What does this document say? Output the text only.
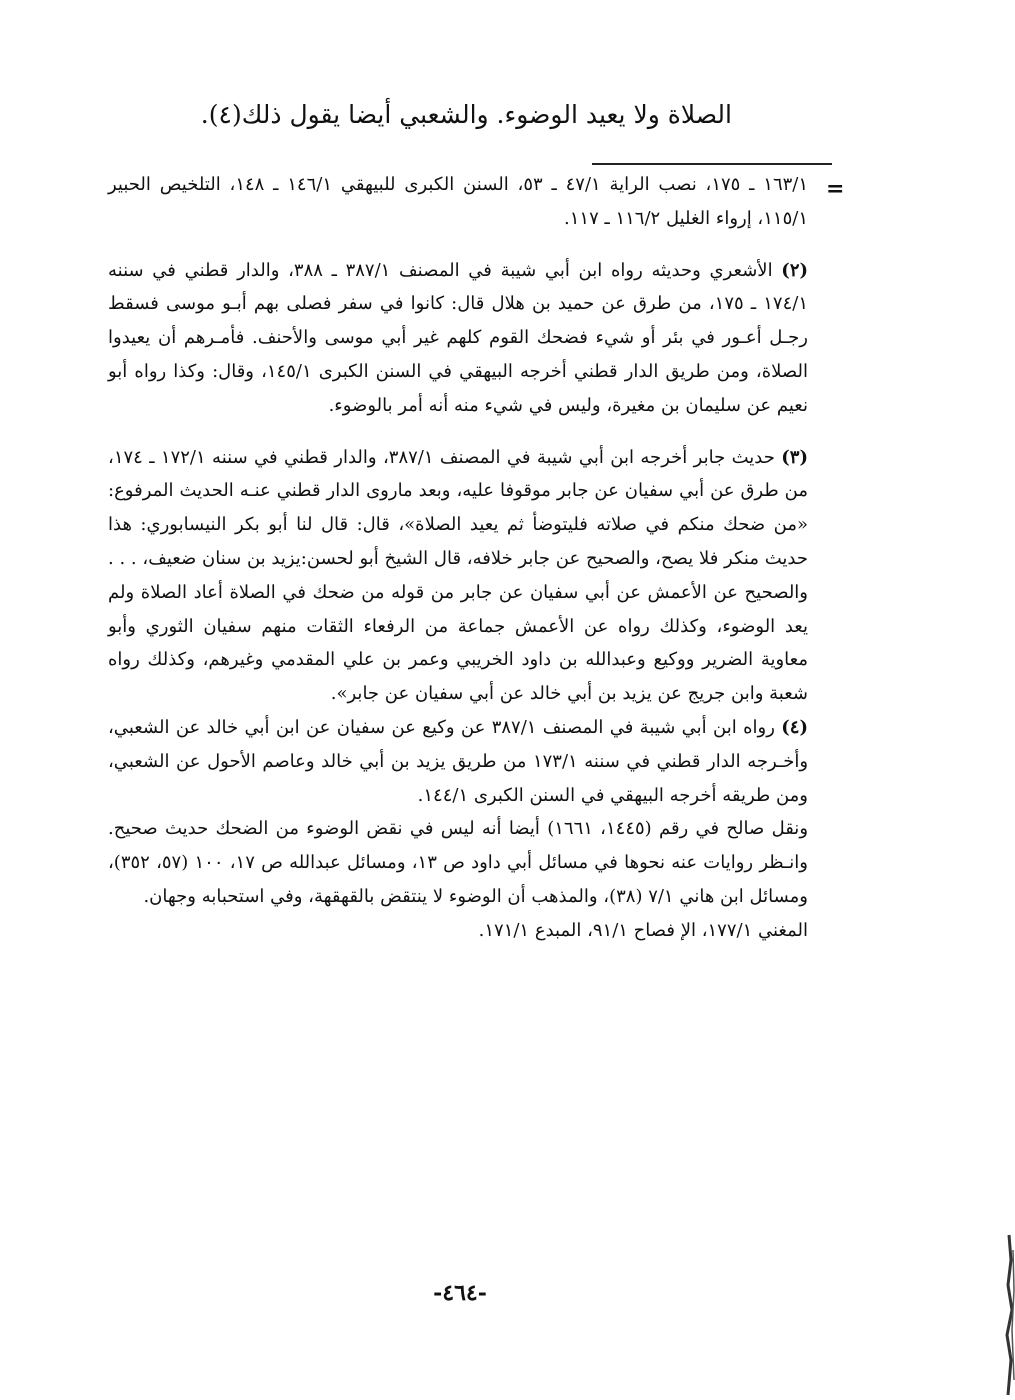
الصلاة ولا يعيد الوضوء. والشعبي أيضا يقول ذلك(٤).
=

١٦٣/١ ـ ١٧٥، نصب الراية ٤٧/١ ـ ٥٣، السنن الكبرى للبيهقي ١٤٦/١ ـ ١٤٨، التلخيص الحبير ١١٥/١، إرواء الغليل ١١٦/٢ ـ ١١٧.

(٢) الأشعري وحديثه رواه ابن أبي شيبة في المصنف ٣٨٧/١ ـ ٣٨٨، والدار قطني في سننه ١٧٤/١ ـ ١٧٥، من طرق عن حميد بن هلال قال: كانوا في سفر فصلى بهم أبـو موسى فسقط رجـل أعـور في بئر أو شيء فضحك القوم كلهم غير أبي موسى والأحنف. فأمـرهم أن يعيدوا الصلاة، ومن طريق الدار قطني أخرجه البيهقي في السنن الكبرى ١٤٥/١، وقال: وكذا رواه أبو نعيم عن سليمان بن مغيرة، وليس في شيء منه أنه أمر بالوضوء.

(٣) حديث جابر أخرجه ابن أبي شيبة في المصنف ٣٨٧/١، والدار قطني في سننه ١٧٢/١ ـ ١٧٤، من طرق عن أبي سفيان عن جابر موقوفا عليه، وبعد ماروى الدار قطني عنـه الحديث المرفوع: «من ضحك منكم في صلاته فليتوضأ ثم يعيد الصلاة»، قال: قال لنا أبو بكر النيسابوري: هذا حديث منكر فلا يصح، والصحيح عن جابر خلافه، قال الشيخ أبو لحسن:يزيد بن سنان ضعيف، . . . والصحيح عن الأعمش عن أبي سفيان عن جابر من قوله من ضحك في الصلاة أعاد الصلاة ولم يعد الوضوء، وكذلك رواه عن الأعمش جماعة من الرفعاء الثقات منهم سفيان الثوري وأبو معاوية الضرير ووكيع وعبدالله بن داود الخريبي وعمر بن علي المقدمي وغيرهم، وكذلك رواه شعبة وابن جريج عن يزيد بن أبي خالد عن أبي سفيان عن جابر».

(٤) رواه ابن أبي شيبة في المصنف ٣٨٧/١ عن وكيع عن سفيان عن ابن أبي خالد عن الشعبي، وأخـرجه الدار قطني في سننه ١٧٣/١ من طريق يزيد بن أبي خالد وعاصم الأحول عن الشعبي، ومن طريقه أخرجه البيهقي في السنن الكبرى ١٤٤/١.

ونقل صالح في رقم (١٤٤٥، ١٦٦١) أيضا أنه ليس في نقض الوضوء من الضحك حديث صحيح. وانـظر روايات عنه نحوها في مسائل أبي داود ص ١٣، ومسائل عبدالله ص ١٧، ١٠٠ (٥٧، ٣٥٢)، ومسائل ابن هاني ٧/١ (٣٨)، والمذهب أن الوضوء لا ينتقض بالقهقهة، وفي استحبابه وجهان.

المغني ١٧٧/١، الإ فصاح ٩١/١، المبدع ١٧١/١.

-٤٦٤-
